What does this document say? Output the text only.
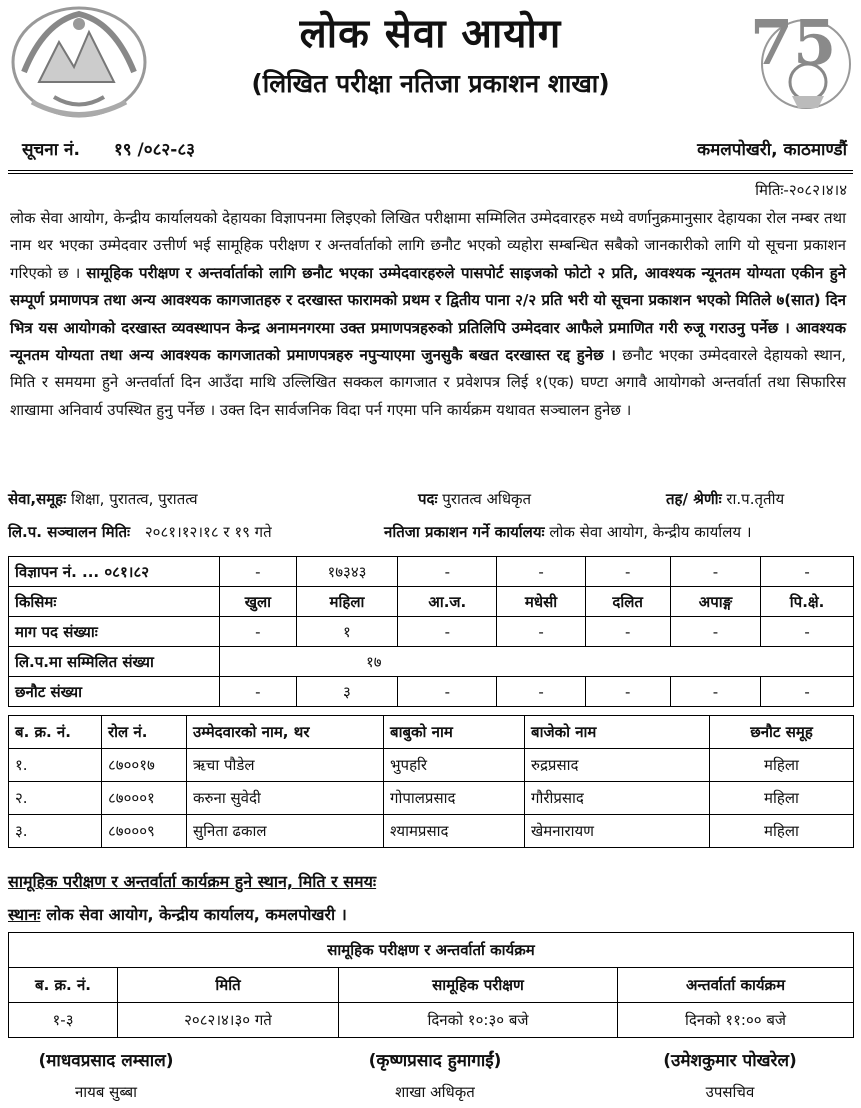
75
लोक सेवा आयोग
(लिखित परीक्षा नतिजा प्रकाशन शाखा)
सूचना नं. १९ /०८२-८३	कमलपोखरी, काठमाण्डौं
मितिः-२०८२।४।४
लोक सेवा आयोग, केन्द्रीय कार्यालयको देहायका विज्ञापनमा लिइएको लिखित परीक्षामा सम्मिलित उम्मेदवारहरु मध्ये वर्णानुक्रमानुसार देहायका रोल नम्बर तथा नाम थर भएका उम्मेदवार उत्तीर्ण भई सामूहिक परीक्षण र अन्तर्वार्ताको लागि छनौट भएको व्यहोरा सम्बन्धित सबैको जानकारीको लागि यो सूचना प्रकाशन गरिएको छ । सामूहिक परीक्षण र अन्तर्वार्ताको लागि छनौट भएका उम्मेदवारहरुले पासपोर्ट साइजको फोटो २ प्रति, आवश्यक न्यूनतम योग्यता एकीन हुने सम्पूर्ण प्रमाणपत्र तथा अन्य आवश्यक कागजातहरु र दरखास्त फारामको प्रथम र द्वितीय पाना २/२ प्रति भरी यो सूचना प्रकाशन भएको मितिले ७(सात) दिन भित्र यस आयोगको दरखास्त व्यवस्थापन केन्द्र अनामनगरमा उक्त प्रमाणपत्रहरुको प्रतिलिपि उम्मेदवार आफैले प्रमाणित गरी रुजू गराउनु पर्नेछ । आवश्यक न्यूनतम योग्यता तथा अन्य आवश्यक कागजातको प्रमाणपत्रहरु नपुऱ्याएमा जुनसुकै बखत दरखास्त रद्द हुनेछ । छनौट भएका उम्मेदवारले देहायको स्थान, मिति र समयमा हुने अन्तर्वार्ता दिन आउँदा माथि उल्लिखित सक्कल कागजात र प्रवेशपत्र लिई १(एक) घण्टा अगावै आयोगको अन्तर्वार्ता तथा सिफारिस शाखामा अनिवार्य उपस्थित हुनु पर्नेछ । उक्त दिन सार्वजनिक विदा पर्न गएमा पनि कार्यक्रम यथावत सञ्चालन हुनेछ ।
सेवा,समूहः शिक्षा, पुरातत्व, पुरातत्व	पदः पुरातत्व अधिकृत	तह/ श्रेणीः रा.प.तृतीय
लि.प. सञ्चालन मितिः २०८१।१२।१८ र १९ गते	नतिजा प्रकाशन गर्ने कार्यालयः लोक सेवा आयोग, केन्द्रीय कार्यालय ।
विज्ञापन नं. ... ०८१।८२	-	१७३४३	-	-	-	-	-
किसिमः	खुला	महिला	आ.ज.	मधेसी	दलित	अपाङ्ग	पि.क्षे.
माग पद संख्याः	-	१	-	-	-	-	-
लि.प.मा सम्मिलित संख्या	१७						
छनौट संख्या	-	३	-	-	-	-	-
ब. क्र. नं.	रोल नं.	उम्मेदवारको नाम, थर	बाबुको नाम	बाजेको नाम	छनौट समूह
१.	८७००१७	ऋचा पौडेल	भुपहरि	रुद्रप्रसाद	महिला
२.	८७०००१	करुना सुवेदी	गोपालप्रसाद	गौरीप्रसाद	महिला
३.	८७०००९	सुनिता ढकाल	श्यामप्रसाद	खेमनारायण	महिला
सामूहिक परीक्षण र अन्तर्वार्ता कार्यक्रम हुने स्थान, मिति र समयः
स्थानः लोक सेवा आयोग, केन्द्रीय कार्यालय, कमलपोखरी ।
सामूहिक परीक्षण र अन्तर्वार्ता कार्यक्रम			
ब. क्र. नं.	मिति	सामूहिक परीक्षण	अन्तर्वार्ता कार्यक्रम
१-३	२०८२।४।३० गते	दिनको १०:३० बजे	दिनको ११:०० बजे
(माधवप्रसाद लम्साल)	(कृष्णप्रसाद हुमागाईं)	(उमेशकुमार पोखरेल)
नायब सुब्बा	शाखा अधिकृत	उपसचिव
